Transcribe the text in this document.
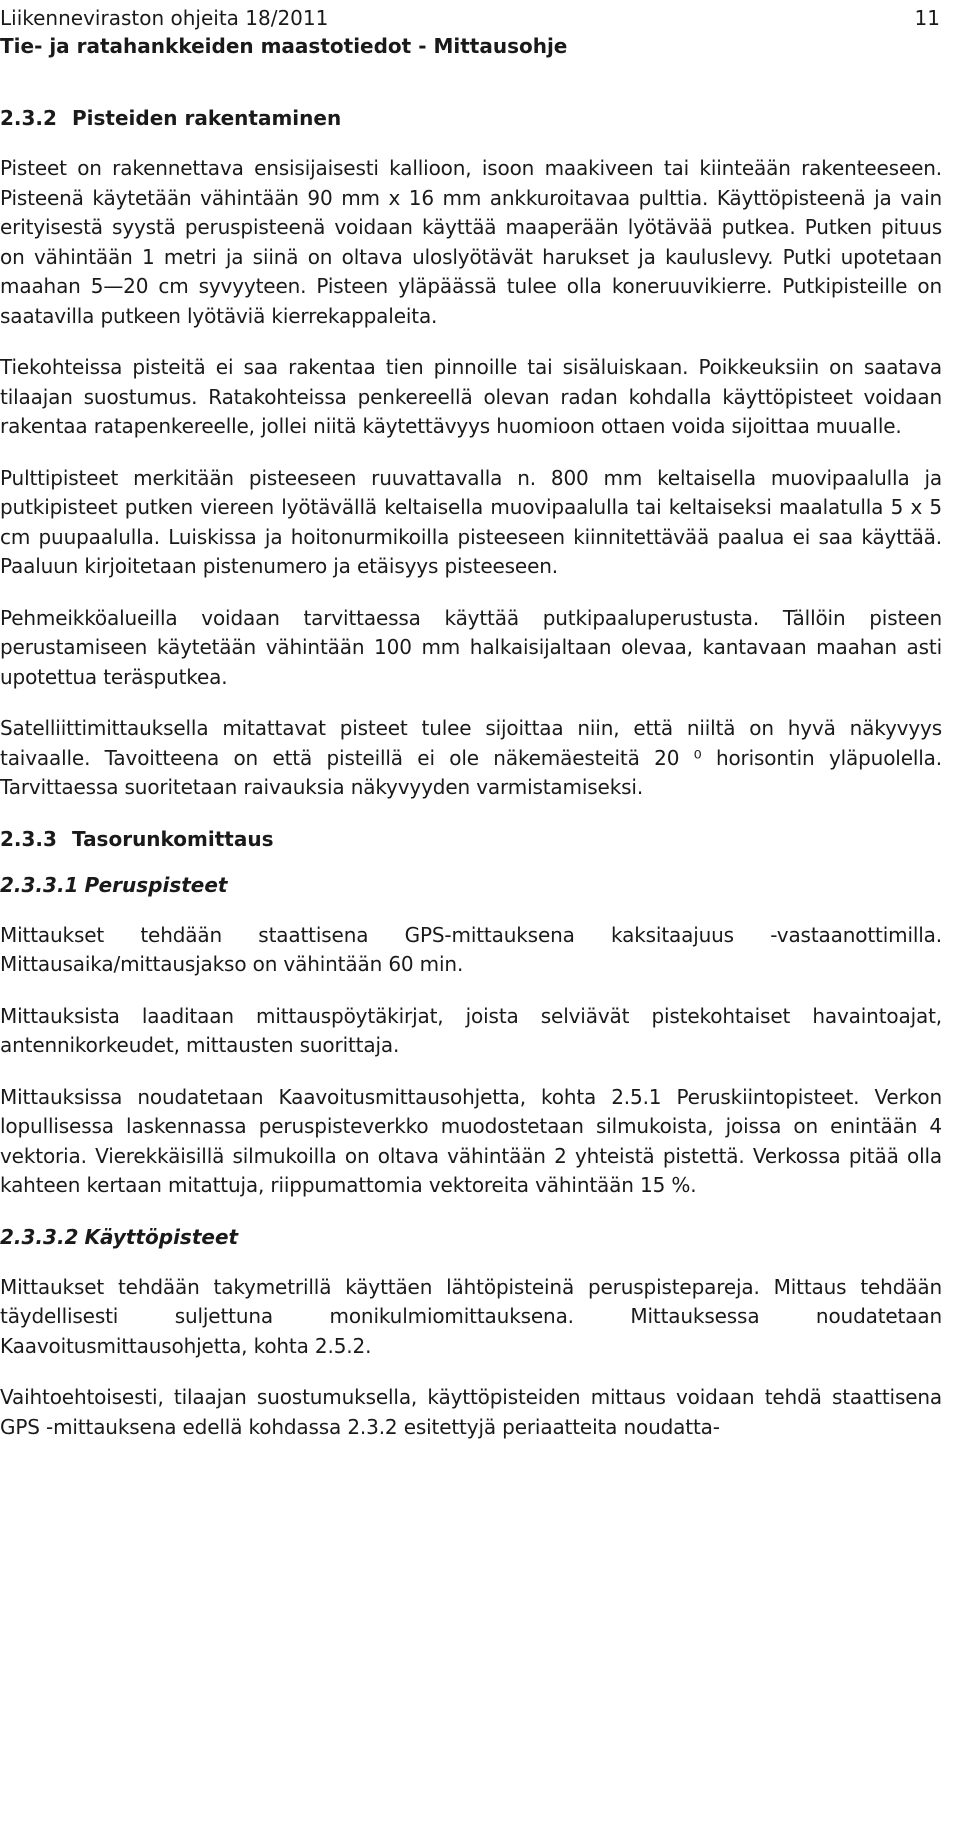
Liikenneviraston ohjeita 18/2011
Tie- ja ratahankkeiden maastotiedot - Mittausohje
11
2.3.2 Pisteiden rakentaminen

Pisteet on rakennettava ensisijaisesti kallioon, isoon maakiveen tai kiinteään rakenteeseen. Pisteenä käytetään vähintään 90 mm x 16 mm ankkuroitavaa pulttia. Käyttöpisteenä ja vain erityisestä syystä peruspisteenä voidaan käyttää maaperään lyötävää putkea. Putken pituus on vähintään 1 metri ja siinä on oltava uloslyötävät harukset ja kauluslevy. Putki upotetaan maahan 5—20 cm syvyyteen. Pisteen yläpäässä tulee olla koneruuvikierre. Putkipisteille on saatavilla putkeen lyötäviä kierrekappaleita.

Tiekohteissa pisteitä ei saa rakentaa tien pinnoille tai sisäluiskaan. Poikkeuksiin on saatava tilaajan suostumus. Ratakohteissa penkereellä olevan radan kohdalla käyttöpisteet voidaan rakentaa ratapenkereelle, jollei niitä käytettävyys huomioon ottaen voida sijoittaa muualle.

Pulttipisteet merkitään pisteeseen ruuvattavalla n. 800 mm keltaisella muovipaalulla ja putkipisteet putken viereen lyötävällä keltaisella muovipaalulla tai keltaiseksi maalatulla 5 x 5 cm puupaalulla. Luiskissa ja hoitonurmikoilla pisteeseen kiinnitettävää paalua ei saa käyttää. Paaluun kirjoitetaan pistenumero ja etäisyys pisteeseen.

Pehmeikköalueilla voidaan tarvittaessa käyttää putkipaaluperustusta. Tällöin pisteen perustamiseen käytetään vähintään 100 mm halkaisijaltaan olevaa, kantavaan maahan asti upotettua teräsputkea.

Satelliittimittauksella mitattavat pisteet tulee sijoittaa niin, että niiltä on hyvä näkyvyys taivaalle. Tavoitteena on että pisteillä ei ole näkemäesteitä 20 ⁰ horisontin yläpuolella. Tarvittaessa suoritetaan raivauksia näkyvyyden varmistamiseksi.

2.3.3 Tasorunkomittaus
2.3.3.1 Peruspisteet

Mittaukset tehdään staattisena GPS-mittauksena kaksitaajuus -vastaanottimilla. Mittausaika/mittausjakso on vähintään 60 min.

Mittauksista laaditaan mittauspöytäkirjat, joista selviävät pistekohtaiset havaintoajat, antennikorkeudet, mittausten suorittaja.

Mittauksissa noudatetaan Kaavoitusmittausohjetta, kohta 2.5.1 Peruskiintopisteet. Verkon lopullisessa laskennassa peruspisteverkko muodostetaan silmukoista, joissa on enintään 4 vektoria. Vierekkäisillä silmukoilla on oltava vähintään 2 yhteistä pistettä. Verkossa pitää olla kahteen kertaan mitattuja, riippumattomia vektoreita vähintään 15 %.

2.3.3.2 Käyttöpisteet

Mittaukset tehdään takymetrillä käyttäen lähtöpisteinä peruspistepareja. Mittaus tehdään täydellisesti suljettuna monikulmiomittauksena. Mittauksessa noudatetaan Kaavoitusmittausohjetta, kohta 2.5.2.

Vaihtoehtoisesti, tilaajan suostumuksella, käyttöpisteiden mittaus voidaan tehdä staattisena GPS -mittauksena edellä kohdassa 2.3.2 esitettyjä periaatteita noudatta-
